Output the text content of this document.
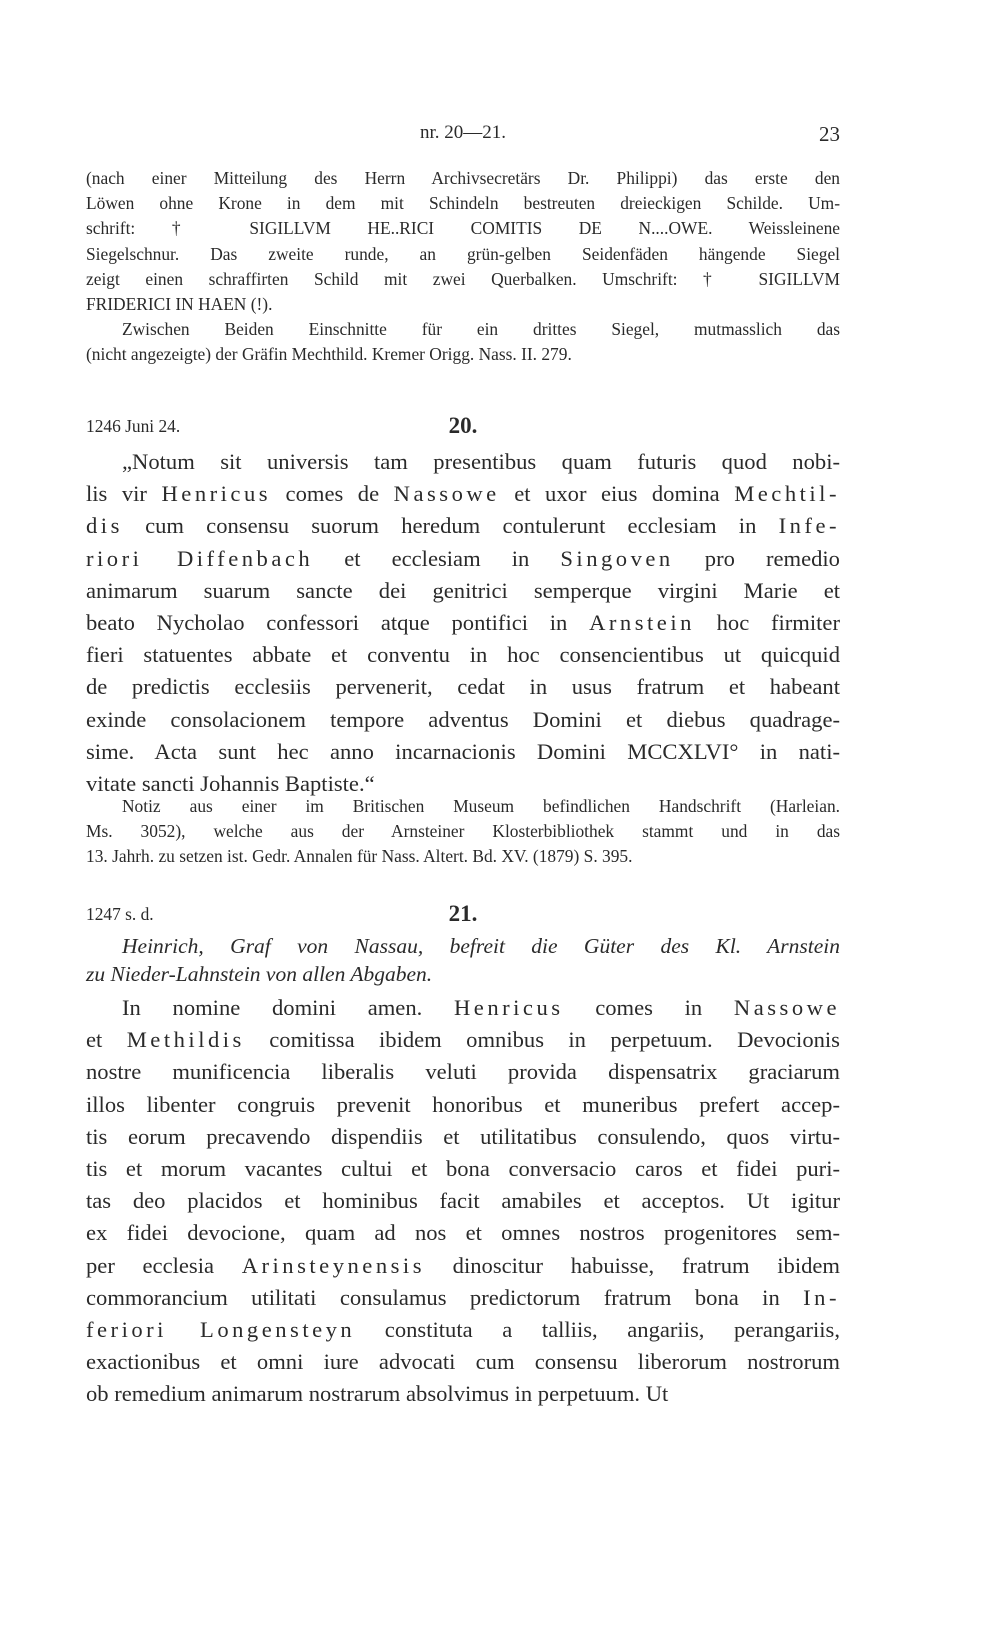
nr. 20—21.	23
(nach einer Mitteilung des Herrn Archivsecretärs Dr. Philippi) das erste den
Löwen ohne Krone in dem mit Schindeln bestreuten dreieckigen Schilde. Um-
schrift: † SIGILLVM HE..RICI COMITIS DE N....OWE. Weissleinene
Siegelschnur. Das zweite runde, an grün-gelben Seidenfäden hängende Siegel
zeigt einen schraffirten Schild mit zwei Querbalken. Umschrift: † SIGILLVM
FRIDERICI IN HAEN (!).
Zwischen Beiden Einschnitte für ein drittes Siegel, mutmasslich das
(nicht angezeigte) der Gräfin Mechthild. Kremer Origg. Nass. II. 279.
1246 Juni 24.	20.
„Notum sit universis tam presentibus quam futuris quod nobi-
lis vir Henricus comes de Nassowe et uxor eius domina Mechtil-
dis cum consensu suorum heredum contulerunt ecclesiam in Infe-
riori Diffenbach et ecclesiam in Singoven pro remedio
animarum suarum sancte dei genitrici semperque virgini Marie et
beato Nycholao confessori atque pontifici in Arnstein hoc firmiter
fieri statuentes abbate et conventu in hoc consencientibus ut quicquid
de predictis ecclesiis pervenerit, cedat in usus fratrum et habeant
exinde consolacionem tempore adventus Domini et diebus quadrage-
sime. Acta sunt hec anno incarnacionis Domini MCCXLVI° in nati-
vitate sancti Johannis Baptiste.“
Notiz aus einer im Britischen Museum befindlichen Handschrift (Harleian.
Ms. 3052), welche aus der Arnsteiner Klosterbibliothek stammt und in das
13. Jahrh. zu setzen ist. Gedr. Annalen für Nass. Altert. Bd. XV. (1879) S. 395.
1247 s. d.	21.
Heinrich, Graf von Nassau, befreit die Güter des Kl. Arnstein
zu Nieder-Lahnstein von allen Abgaben.
In nomine domini amen. Henricus comes in Nassowe
et Methildis comitissa ibidem omnibus in perpetuum. Devocionis
nostre munificencia liberalis veluti provida dispensatrix graciarum
illos libenter congruis prevenit honoribus et muneribus prefert accep-
tis eorum precavendo dispendiis et utilitatibus consulendo, quos virtu-
tis et morum vacantes cultui et bona conversacio caros et fidei puri-
tas deo placidos et hominibus facit amabiles et acceptos. Ut igitur
ex fidei devocione, quam ad nos et omnes nostros progenitores sem-
per ecclesia Arinsteynensis dinoscitur habuisse, fratrum ibidem
commorancium utilitati consulamus predictorum fratrum bona in In-
feriori Longensteyn constituta a talliis, angariis, perangariis,
exactionibus et omni iure advocati cum consensu liberorum nostrorum
ob remedium animarum nostrarum absolvimus in perpetuum. Ut
